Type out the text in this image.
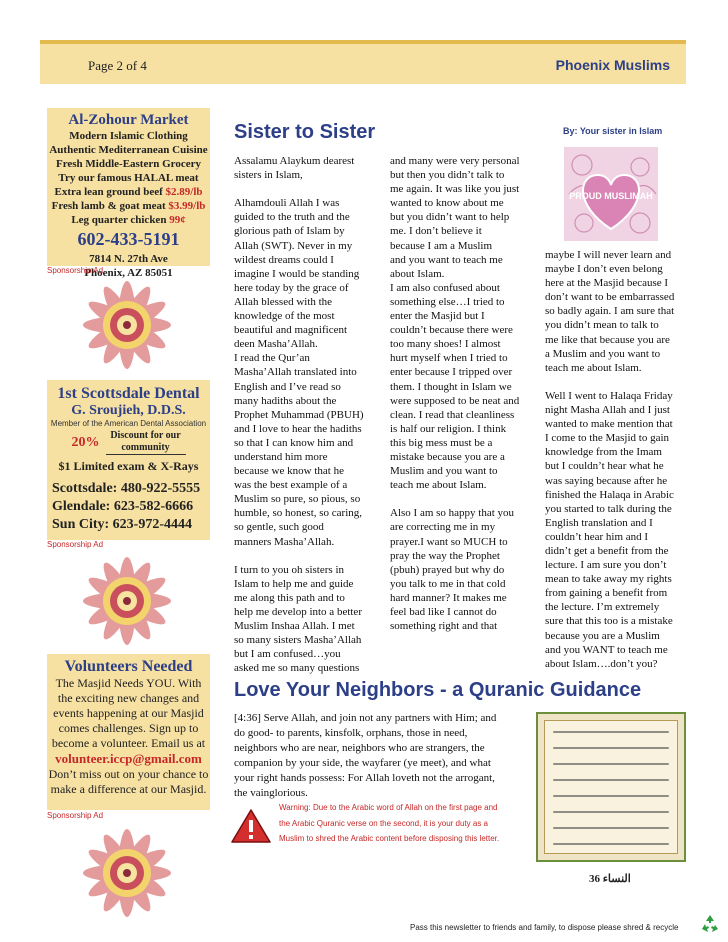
Page 2 of 4	Phoenix Muslims
Al-Zohour Market
Modern Islamic Clothing
Authentic Mediterranean Cuisine
Fresh Middle-Eastern Grocery
Try our famous HALAL meat
Extra lean ground beef $2.89/lb
Fresh lamb & goat meat $3.99/lb
Leg quarter chicken 99¢
602-433-5191
7814 N. 27th Ave
Phoenix, AZ 85051
Sponsorship Ad
1st Scottsdale Dental
G. Sroujieh, D.D.S.
Member of the American Dental Association
20%	Discount for our community
$1 Limited exam & X-Rays
Scottsdale: 480-922-5555
Glendale: 623-582-6666
Sun City: 623-972-4444
Sponsorship Ad
Volunteers Needed
The Masjid Needs YOU. With the exciting new changes and events happening at our Masjid comes challenges. Sign up to become a volunteer. Email us at
volunteer.iccp@gmail.com
Don’t miss out on your chance to make a difference at our Masjid.
Sponsorship Ad
Sister to Sister	By: Your sister in Islam
PROUD MUSLIMAH
Assalamu Alaykum dearest
sisters in Islam,

Alhamdouli Allah I was
guided to the truth and the
glorious path of Islam by
Allah (SWT). Never in my
wildest dreams could I
imagine I would be standing
here today by the grace of
Allah blessed with the
knowledge of the most
beautiful and magnificent
deen Masha’Allah.
I read the Qur’an
Masha’Allah translated into
English and I’ve read so
many hadiths about the
Prophet Muhammad (PBUH)
and I love to hear the hadiths
so that I can know him and
understand him more
because we know that he
was the best example of a
Muslim so pure, so pious, so
humble, so honest, so caring,
so gentle, such good
manners Masha’Allah.

I turn to you oh sisters in
Islam to help me and guide
me along this path and to
help me develop into a better
Muslim Inshaa Allah. I met
so many sisters Masha’Allah
but I am confused…you
asked me so many questions
and many were very personal
but then you didn’t talk to
me again. It was like you just
wanted to know about me
but you didn’t want to help
me. I don’t believe it
because I am a Muslim
and you want to teach me
about Islam.
I am also confused about
something else…I tried to
enter the Masjid but I
couldn’t because there were
too many shoes! I almost
hurt myself when I tried to
enter because I tripped over
them. I thought in Islam we
were supposed to be neat and
clean. I read that cleanliness
is half our religion. I think
this big mess must be a
mistake because you are a
Muslim and you want to
teach me about Islam.

Also I am so happy that you
are correcting me in my
prayer.I want so MUCH to
pray the way the Prophet
(pbuh) prayed but why do
you talk to me in that cold
hard manner? It makes me
feel bad like I cannot do
something right and that
maybe I will never learn and
maybe I don’t even belong
here at the Masjid because I
don’t want to be embarrassed
so badly again. I am sure that
you didn’t mean to talk to
me like that because you are
a Muslim and you want to
teach me about Islam.

Well I went to Halaqa Friday
night Masha Allah and I just
wanted to make mention that
I come to the Masjid to gain
knowledge from the Imam
but I couldn’t hear what he
was saying because after he
finished the Halaqa in Arabic
you started to talk during the
English translation and I
couldn’t hear him and I
didn’t get a benefit from the
lecture. I am sure you don’t
mean to take away my rights
from gaining a benefit from
the lecture. I’m extremely
sure that this too is a mistake
because you are a Muslim
and you WANT to teach me
about Islam….don’t you?
Love Your Neighbors - a Quranic Guidance
[4:36] Serve Allah, and join not any partners with Him; and
do good- to parents, kinsfolk, orphans, those in need,
neighbors who are near, neighbors who are strangers, the
companion by your side, the wayfarer (ye meet), and what
your right hands possess: For Allah loveth not the arrogant,
the vainglorious.
Warning: Due to the Arabic word of Allah on the first page and
the Arabic Quranic verse on the second, it is your duty as a
Muslim to shred the Arabic content before disposing this letter.
النساء 36
Pass this newsletter to friends and family, to dispose please shred & recycle
